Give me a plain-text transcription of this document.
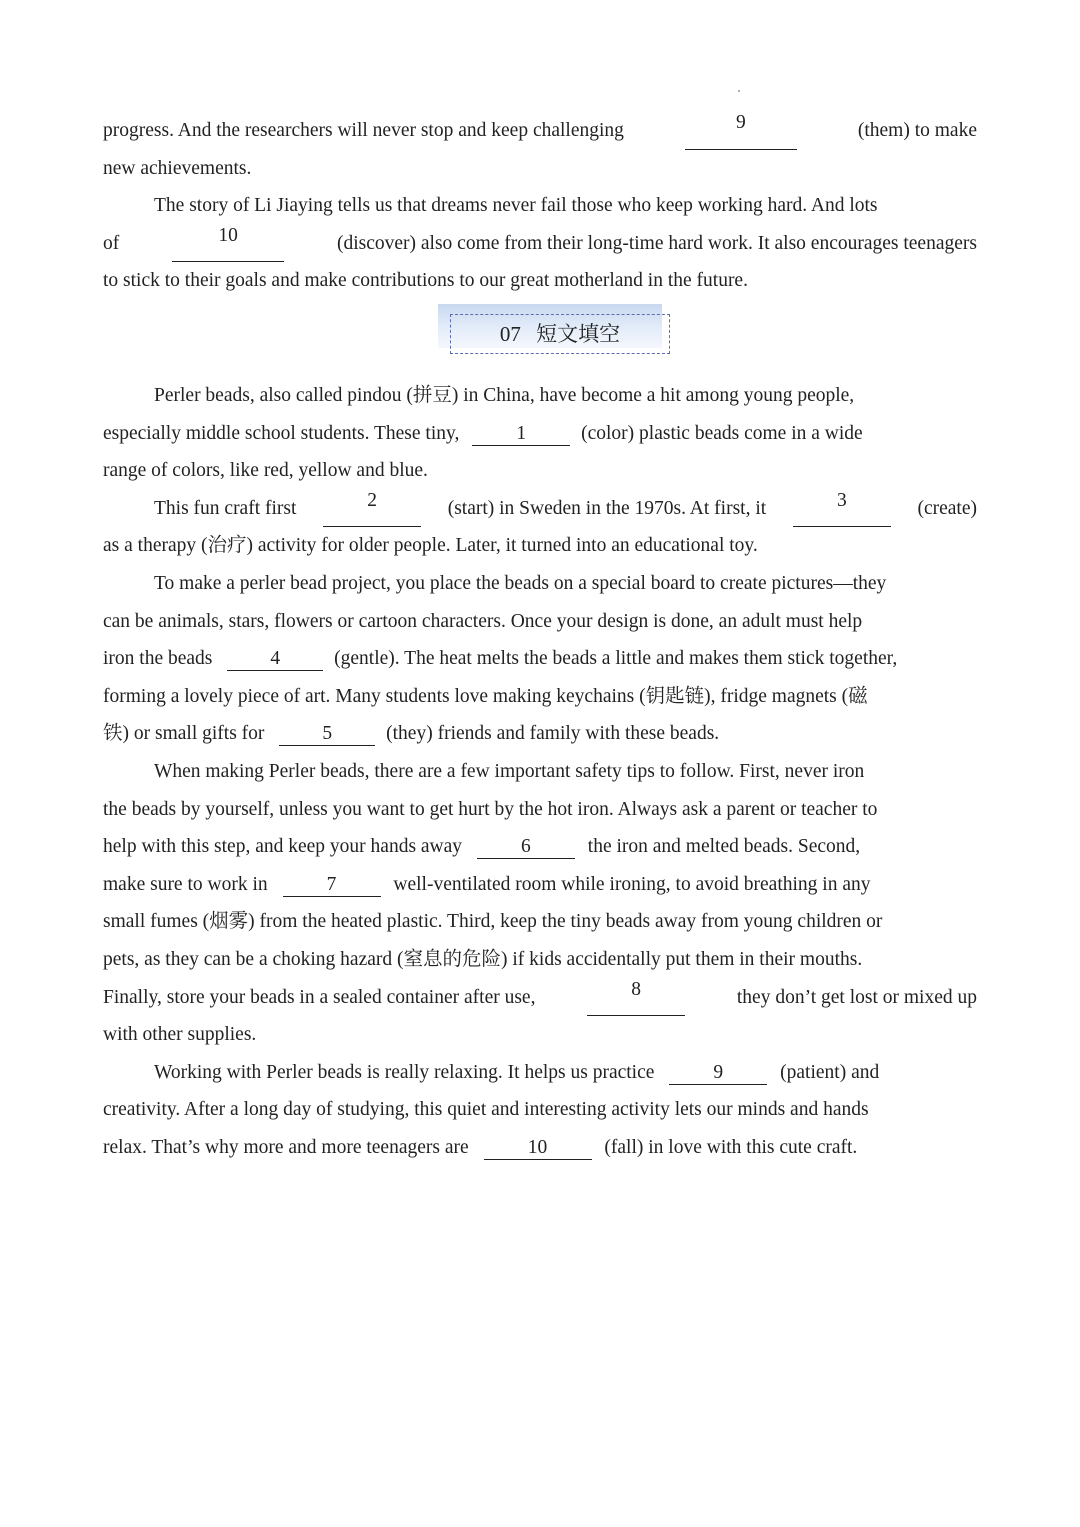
progress. And the researchers will never stop and keep challenging	9	(them) to make
new achievements.
The story of Li Jiaying tells us that dreams never fail those who keep working hard. And lots
of	10	(discover) also come from their long-time hard work. It also encourages teenagers
to stick to their goals and make contributions to our great motherland in the future.
07 短文填空
Perler beads, also called pindou (拼豆) in China, have become a hit among young people,
especially middle school students. These tiny,	1	(color) plastic beads come in a wide
range of colors, like red, yellow and blue.
This fun craft first	2	(start) in Sweden in the 1970s. At first, it	3	(create)
as a therapy (治疗) activity for older people. Later, it turned into an educational toy.
To make a perler bead project, you place the beads on a special board to create pictures—they
can be animals, stars, flowers or cartoon characters. Once your design is done, an adult must help
iron the beads	4	(gentle). The heat melts the beads a little and makes them stick together,
forming a lovely piece of art. Many students love making keychains (钥匙链), fridge magnets (磁
铁) or small gifts for	5	(they) friends and family with these beads.
When making Perler beads, there are a few important safety tips to follow. First, never iron
the beads by yourself, unless you want to get hurt by the hot iron. Always ask a parent or teacher to
help with this step, and keep your hands away	6	the iron and melted beads. Second,
make sure to work in	7	well-ventilated room while ironing, to avoid breathing in any
small fumes (烟雾) from the heated plastic. Third, keep the tiny beads away from young children or
pets, as they can be a choking hazard (窒息的危险) if kids accidentally put them in their mouths.
Finally, store your beads in a sealed container after use,	8	they don’t get lost or mixed up
with other supplies.
Working with Perler beads is really relaxing. It helps us practice	9	(patient) and
creativity. After a long day of studying, this quiet and interesting activity lets our minds and hands
relax. That’s why more and more teenagers are	10	(fall) in love with this cute craft.
